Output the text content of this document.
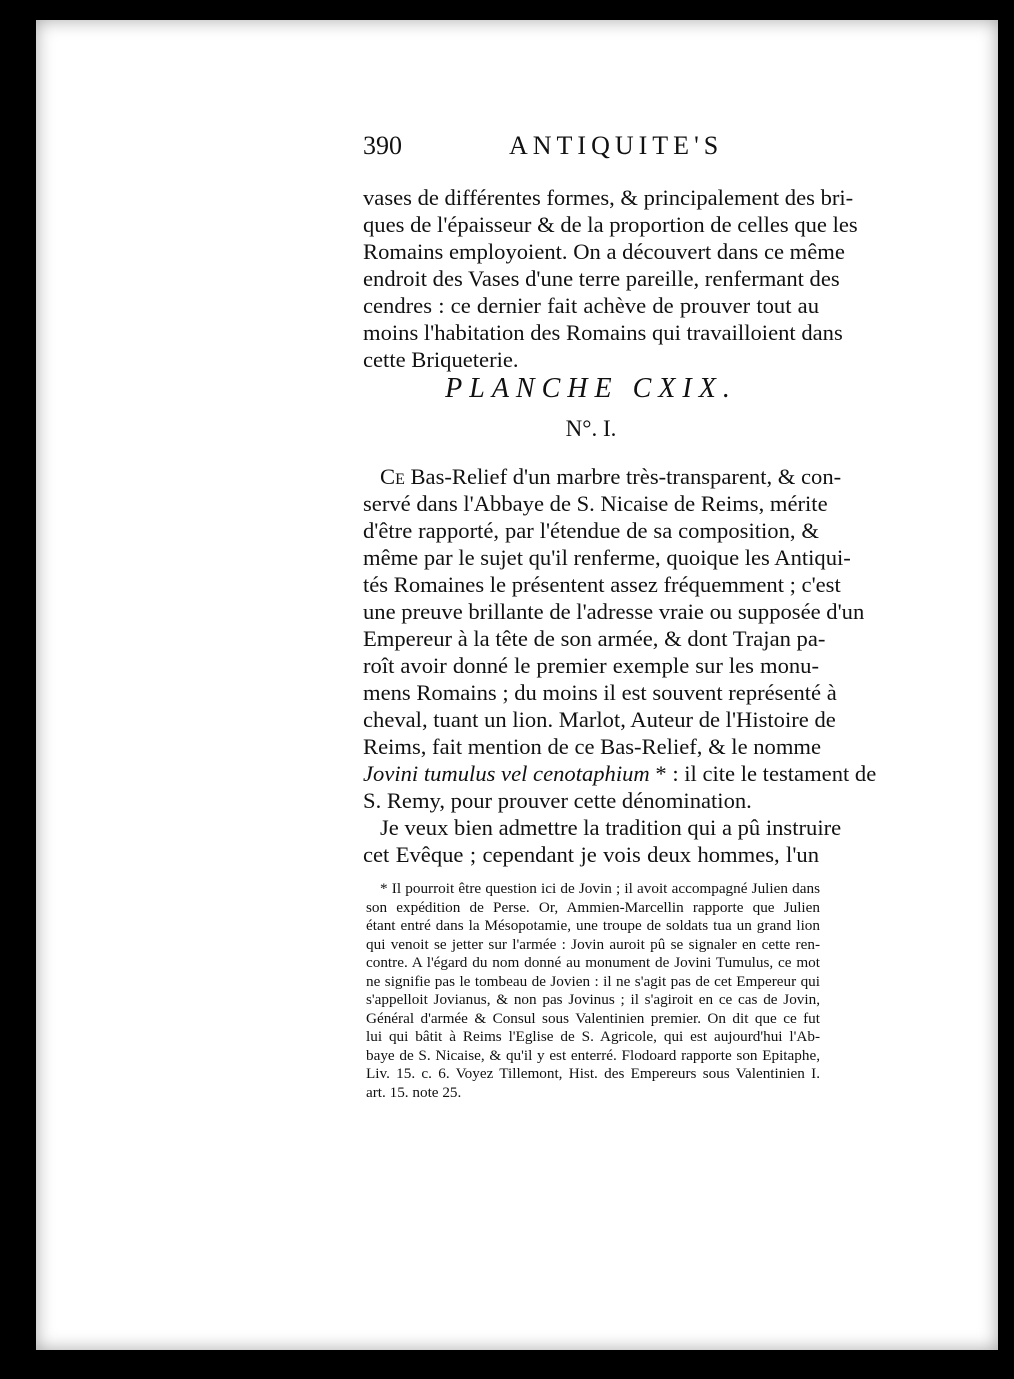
390	ANTIQUITE'S
vases de différentes formes, & principalement des bri-
ques de l'épaisseur & de la proportion de celles que les
Romains employoient. On a découvert dans ce même
endroit des Vases d'une terre pareille, renfermant des
cendres : ce dernier fait achève de prouver tout au
moins l'habitation des Romains qui travailloient dans
cette Briqueterie.
PLANCHE CXIX.
N°. I.
Ce Bas-Relief d'un marbre très-transparent, & con-
servé dans l'Abbaye de S. Nicaise de Reims, mérite
d'être rapporté, par l'étendue de sa composition, &
même par le sujet qu'il renferme, quoique les Antiqui-
tés Romaines le présentent assez fréquemment ; c'est
une preuve brillante de l'adresse vraie ou supposée d'un
Empereur à la tête de son armée, & dont Trajan pa-
roît avoir donné le premier exemple sur les monu-
mens Romains ; du moins il est souvent représenté à
cheval, tuant un lion. Marlot, Auteur de l'Histoire de
Reims, fait mention de ce Bas-Relief, & le nomme
Jovini tumulus vel cenotaphium * : il cite le testament de
S. Remy, pour prouver cette dénomination.
Je veux bien admettre la tradition qui a pû instruire
cet Evêque ; cependant je vois deux hommes, l'un
* Il pourroit être question ici de Jovin ; il avoit accompagné Julien dans
son expédition de Perse. Or, Ammien-Marcellin rapporte que Julien
étant entré dans la Mésopotamie, une troupe de soldats tua un grand lion
qui venoit se jetter sur l'armée : Jovin auroit pû se signaler en cette ren-
contre. A l'égard du nom donné au monument de Jovini Tumulus, ce mot
ne signifie pas le tombeau de Jovien : il ne s'agit pas de cet Empereur qui
s'appelloit Jovianus, & non pas Jovinus ; il s'agiroit en ce cas de Jovin,
Général d'armée & Consul sous Valentinien premier. On dit que ce fut
lui qui bâtit à Reims l'Eglise de S. Agricole, qui est aujourd'hui l'Ab-
baye de S. Nicaise, & qu'il y est enterré. Flodoard rapporte son Epitaphe,
Liv. 15. c. 6. Voyez Tillemont, Hist. des Empereurs sous Valentinien I.
art. 15. note 25.
